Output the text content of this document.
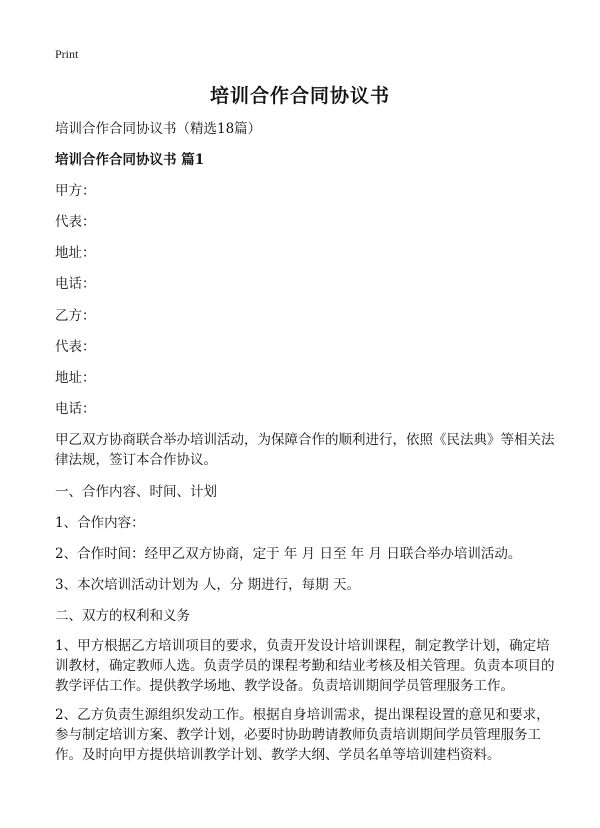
Print
培训合作合同协议书
培训合作合同协议书（精选18篇）
培训合作合同协议书 篇1
甲方：
代表：
地址：
电话：
乙方：
代表：
地址：
电话：
甲乙双方协商联合举办培训活动，为保障合作的顺利进行，依照《民法典》等相关法律法规，签订本合作协议。
一、合作内容、时间、计划
1、合作内容：
2、合作时间：经甲乙双方协商，定于 年 月 日至 年 月 日联合举办培训活动。
3、本次培训活动计划为 人，分 期进行，每期 天。
二、双方的权利和义务
1、甲方根据乙方培训项目的要求，负责开发设计培训课程，制定教学计划，确定培训教材，确定教师人选。负责学员的课程考勤和结业考核及相关管理。负责本项目的教学评估工作。提供教学场地、教学设备。负责培训期间学员管理服务工作。
2、乙方负责生源组织发动工作。根据自身培训需求，提出课程设置的意见和要求，参与制定培训方案、教学计划，必要时协助聘请教师负责培训期间学员管理服务工作。及时向甲方提供培训教学计划、教学大纲、学员名单等培训建档资料。
